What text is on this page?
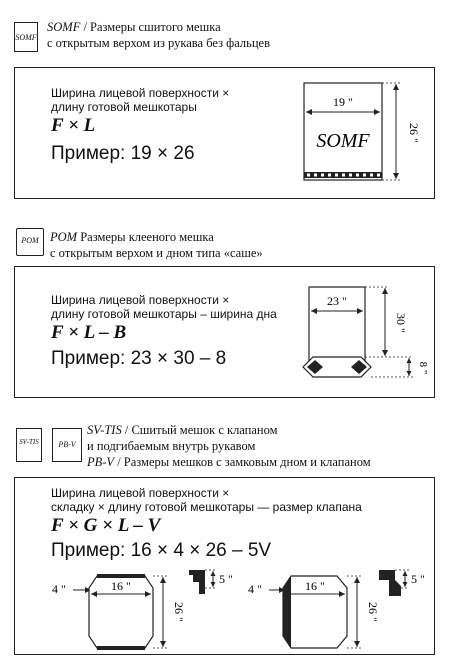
SOMF
SOMF / Размеры сшитого мешка
с открытым верхом из рукава без фальцев
Ширина лицевой поверхности ×
длину готовой мешкотары
F × L
Пример: 19 × 26
19 "
SOMF	26 "
POM POM Размеры клееного мешка
с открытым верхом и дном типа «саше»
Ширина лицевой поверхности ×
длину готовой мешкотары – ширина дна
F × L – B
Пример: 23 × 30 – 8
23 "
30 "
8 "
SV-TIS	PB-V
SV-TIS / Сшитый мешок с клапаном
и подгибаемым внутрь рукавом
PB-V / Размеры мешков с замковым дном и клапаном
Ширина лицевой поверхности ×
складку × длину готовой мешкотары — размер клапана
F × G × L – V
Пример: 16 × 4 × 26 – 5V
4 "	16 "
26 "
5 "
4 "	16 "
26 "
5 "
